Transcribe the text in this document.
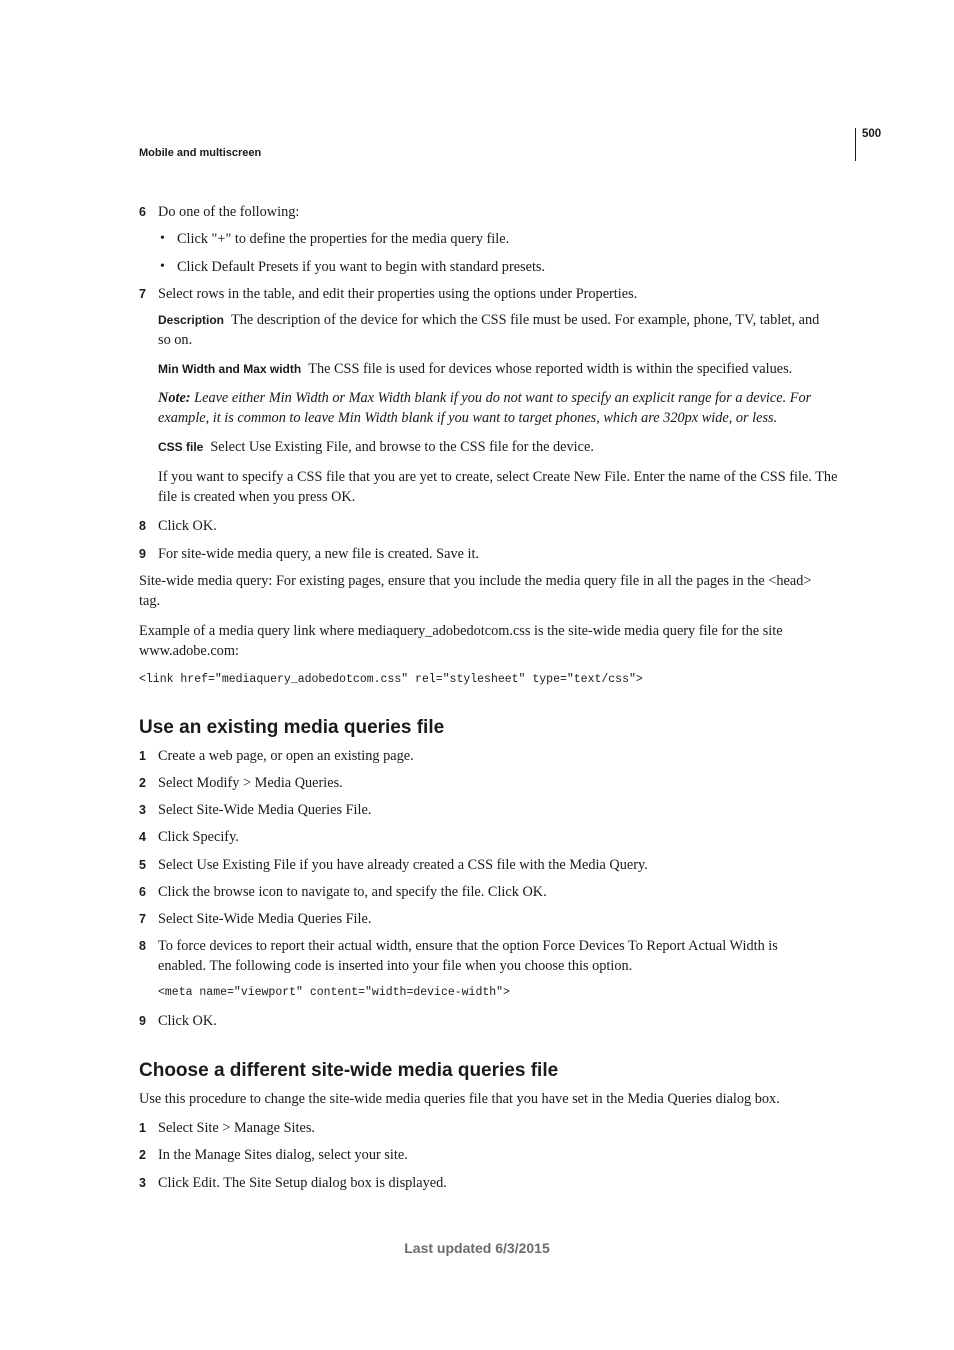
500
Mobile and multiscreen
6 Do one of the following:
• Click "+" to define the properties for the media query file.
• Click Default Presets if you want to begin with standard presets.
7 Select rows in the table, and edit their properties using the options under Properties.
Description The description of the device for which the CSS file must be used. For example, phone, TV, tablet, and
so on.
Min Width and Max width The CSS file is used for devices whose reported width is within the specified values.
Note: Leave either Min Width or Max Width blank if you do not want to specify an explicit range for a device. For
example, it is common to leave Min Width blank if you want to target phones, which are 320px wide, or less.
CSS file Select Use Existing File, and browse to the CSS file for the device.
If you want to specify a CSS file that you are yet to create, select Create New File. Enter the name of the CSS file. The
file is created when you press OK.
8 Click OK.
9 For site-wide media query, a new file is created. Save it.
Site-wide media query: For existing pages, ensure that you include the media query file in all the pages in the <head>
tag.
Example of a media query link where mediaquery_adobedotcom.css is the site-wide media query file for the site
www.adobe.com:
<link href="mediaquery_adobedotcom.css" rel="stylesheet" type="text/css">
Use an existing media queries file
1 Create a web page, or open an existing page.
2 Select Modify > Media Queries.
3 Select Site-Wide Media Queries File.
4 Click Specify.
5 Select Use Existing File if you have already created a CSS file with the Media Query.
6 Click the browse icon to navigate to, and specify the file. Click OK.
7 Select Site-Wide Media Queries File.
8 To force devices to report their actual width, ensure that the option Force Devices To Report Actual Width is
enabled. The following code is inserted into your file when you choose this option.
<meta name="viewport" content="width=device-width">
9 Click OK.
Choose a different site-wide media queries file
Use this procedure to change the site-wide media queries file that you have set in the Media Queries dialog box.
1 Select Site > Manage Sites.
2 In the Manage Sites dialog, select your site.
3 Click Edit. The Site Setup dialog box is displayed.
Last updated 6/3/2015
